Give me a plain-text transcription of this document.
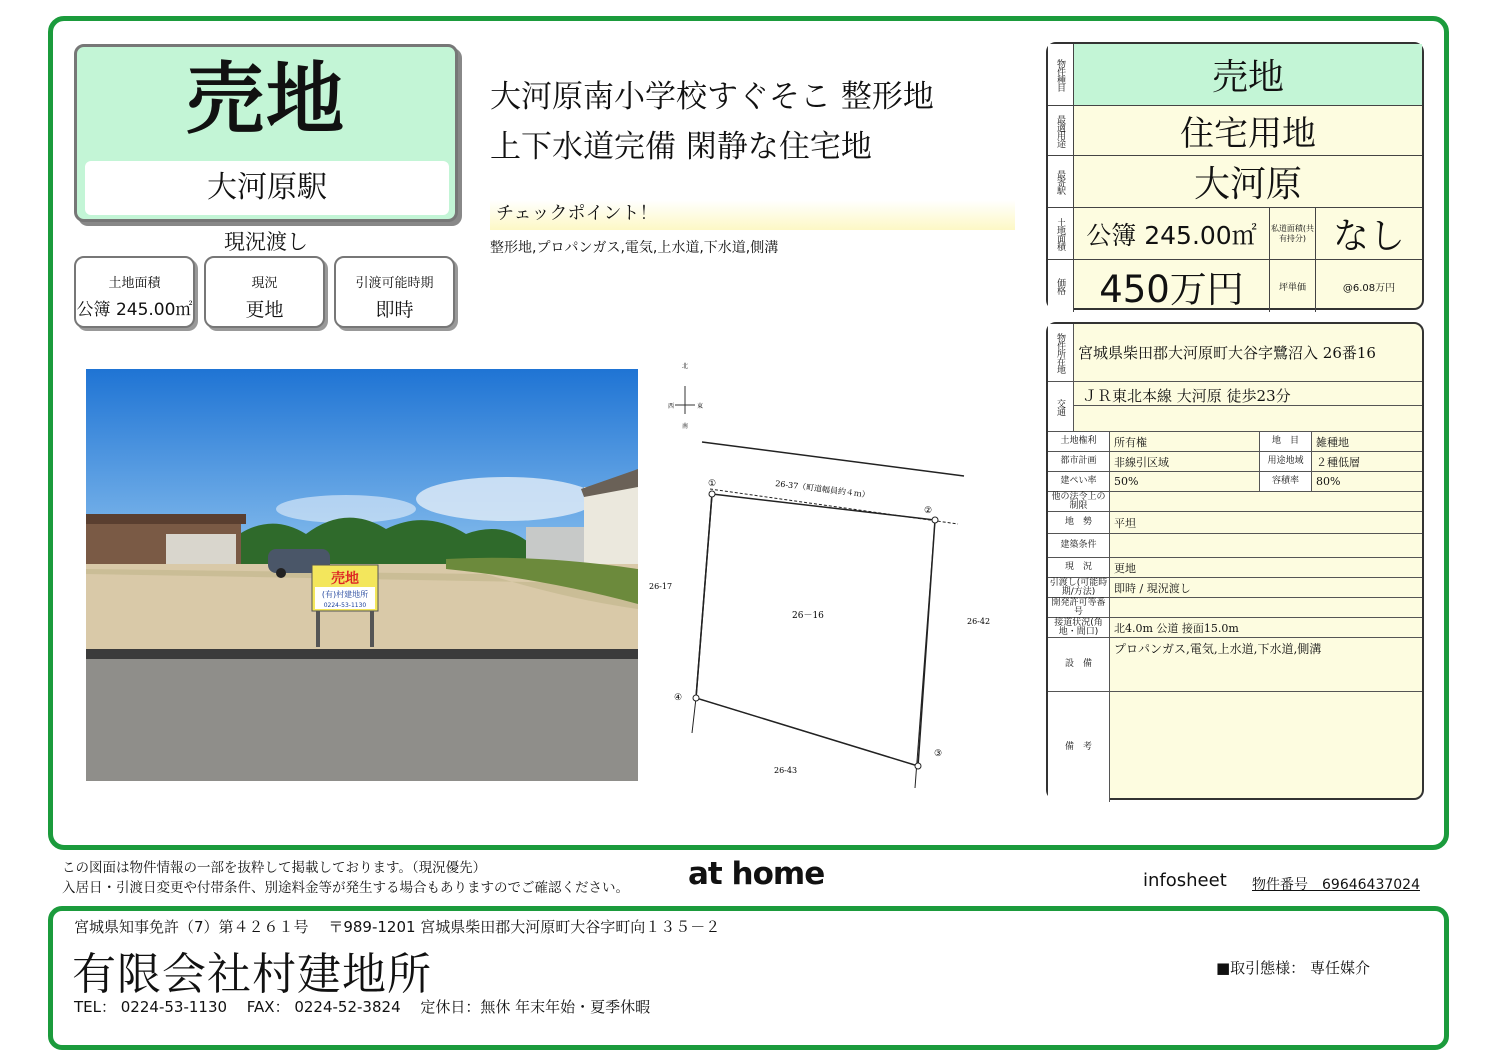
売地
大河原駅
現況渡し
土地面積
公簿 245.00㎡
現況
更地
引渡可能時期
即時
大河原南小学校すぐそこ 整形地
上下水道完備 閑静な住宅地
チェックポイント！
整形地,プロパンガス,電気,上水道,下水道,側溝
売地
(有)村建地所
0224-53-1130
北
西	東
南
26-37（町道幅員約４ｍ）
①
②
③
④
26－16
26-17
26-42
26-43
物件種目	売地
最適用途	住宅用地
最寄駅	大河原
土地面積 公簿 245.00㎡	私道面積(共有持分) なし
価格 450万円	坪単価	@6.08万円
物件所在地 宮城県柴田郡大河原町大谷字鷺沼入 26番16
交通
ＪＲ東北本線 大河原 徒歩23分
土地権利	所有権	地　目	雑種地
都市計画	非線引区域	用途地域	２種低層
建ぺい率	50%	容積率	80%
他の法令上の制限
地　勢	平坦
建築条件
現　況	更地
引渡し(可能時期/方法)	即時 / 現況渡し
開発許可等番号
接道状況(角地・間口)	北4.0m 公道 接面15.0m
設　備
プロパンガス,電気,上水道,下水道,側溝
備　考
この図面は物件情報の一部を抜粋して掲載しております。（現況優先）
入居日・引渡日変更や付帯条件、別途料金等が発生する場合もありますのでご確認ください。 at home	infosheet 物件番号　69646437024
宮城県知事免許（7）第４２６１号　 〒989-1201 宮城県柴田郡大河原町大谷字町向１３５－２
有限会社村建地所
TEL： 0224-53-1130　 FAX： 0224-52-3824　 定休日：無休 年末年始・夏季休暇
■取引態様： 専任媒介
